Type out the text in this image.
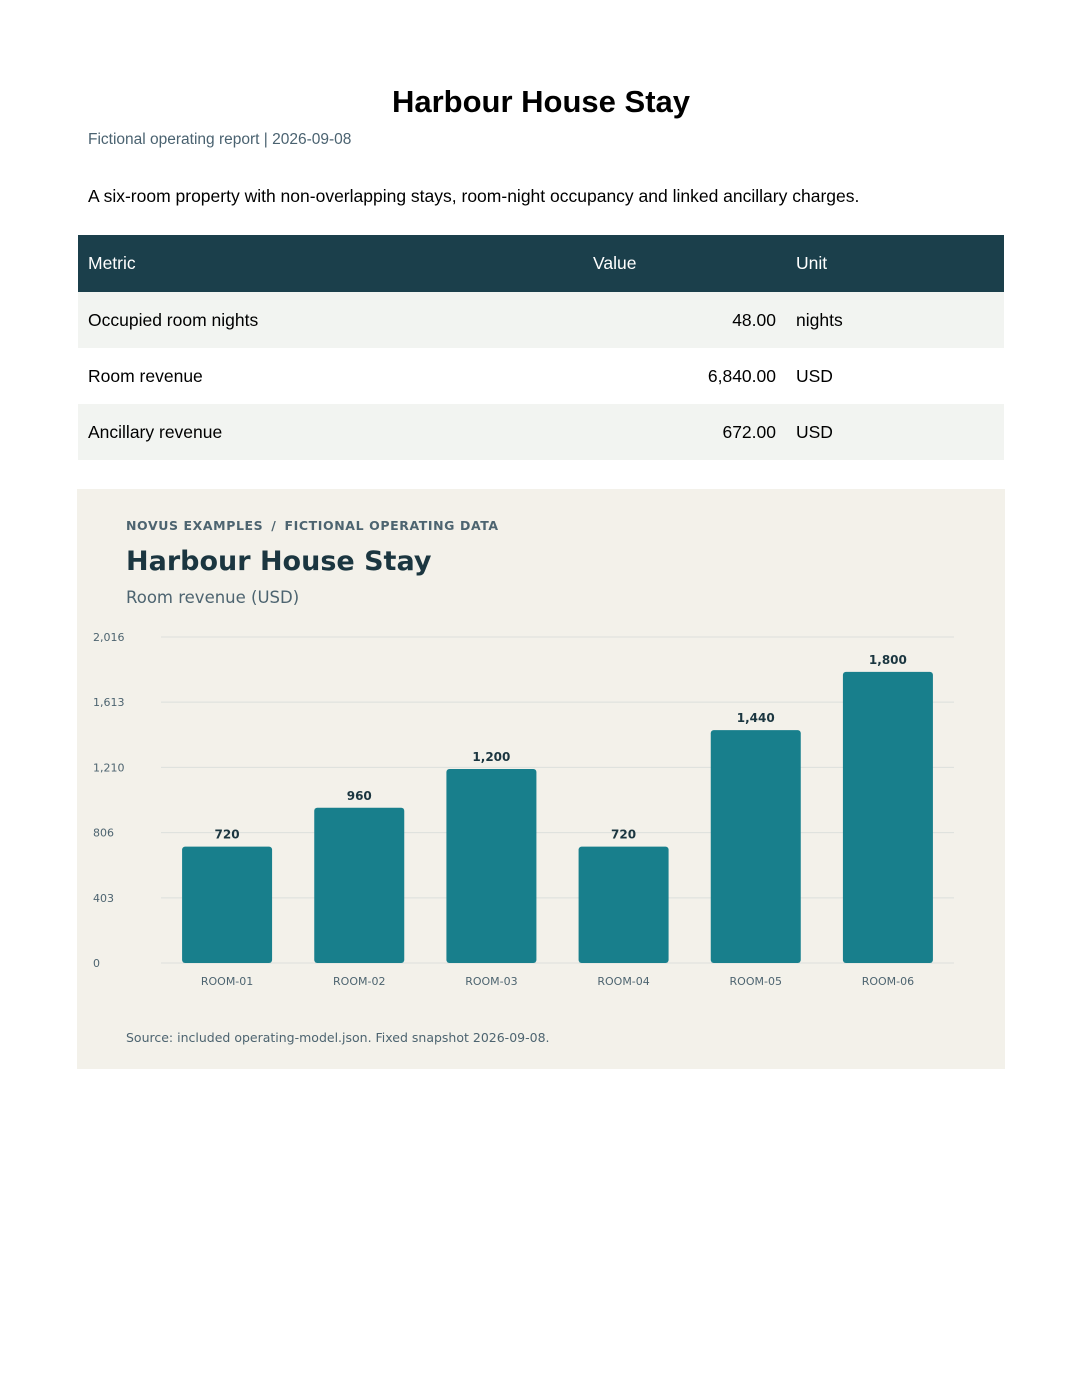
Harbour House Stay
Fictional operating report | 2026-09-08
A six-room property with non-overlapping stays, room-night occupancy and linked ancillary charges.
Metric	Value	Unit
Occupied room nights	48.00	nights
Room revenue	6,840.00	USD
Ancillary revenue	672.00	USD
NOVUS EXAMPLES / FICTIONAL OPERATING DATA
Harbour House Stay
Room revenue (USD)
0
403
806
1,210
1,613
2,016
720
ROOM-01
960
ROOM-02
1,200
ROOM-03
720
ROOM-04
1,440
ROOM-05
1,800
ROOM-06
Source: included operating-model.json. Fixed snapshot 2026-09-08.
